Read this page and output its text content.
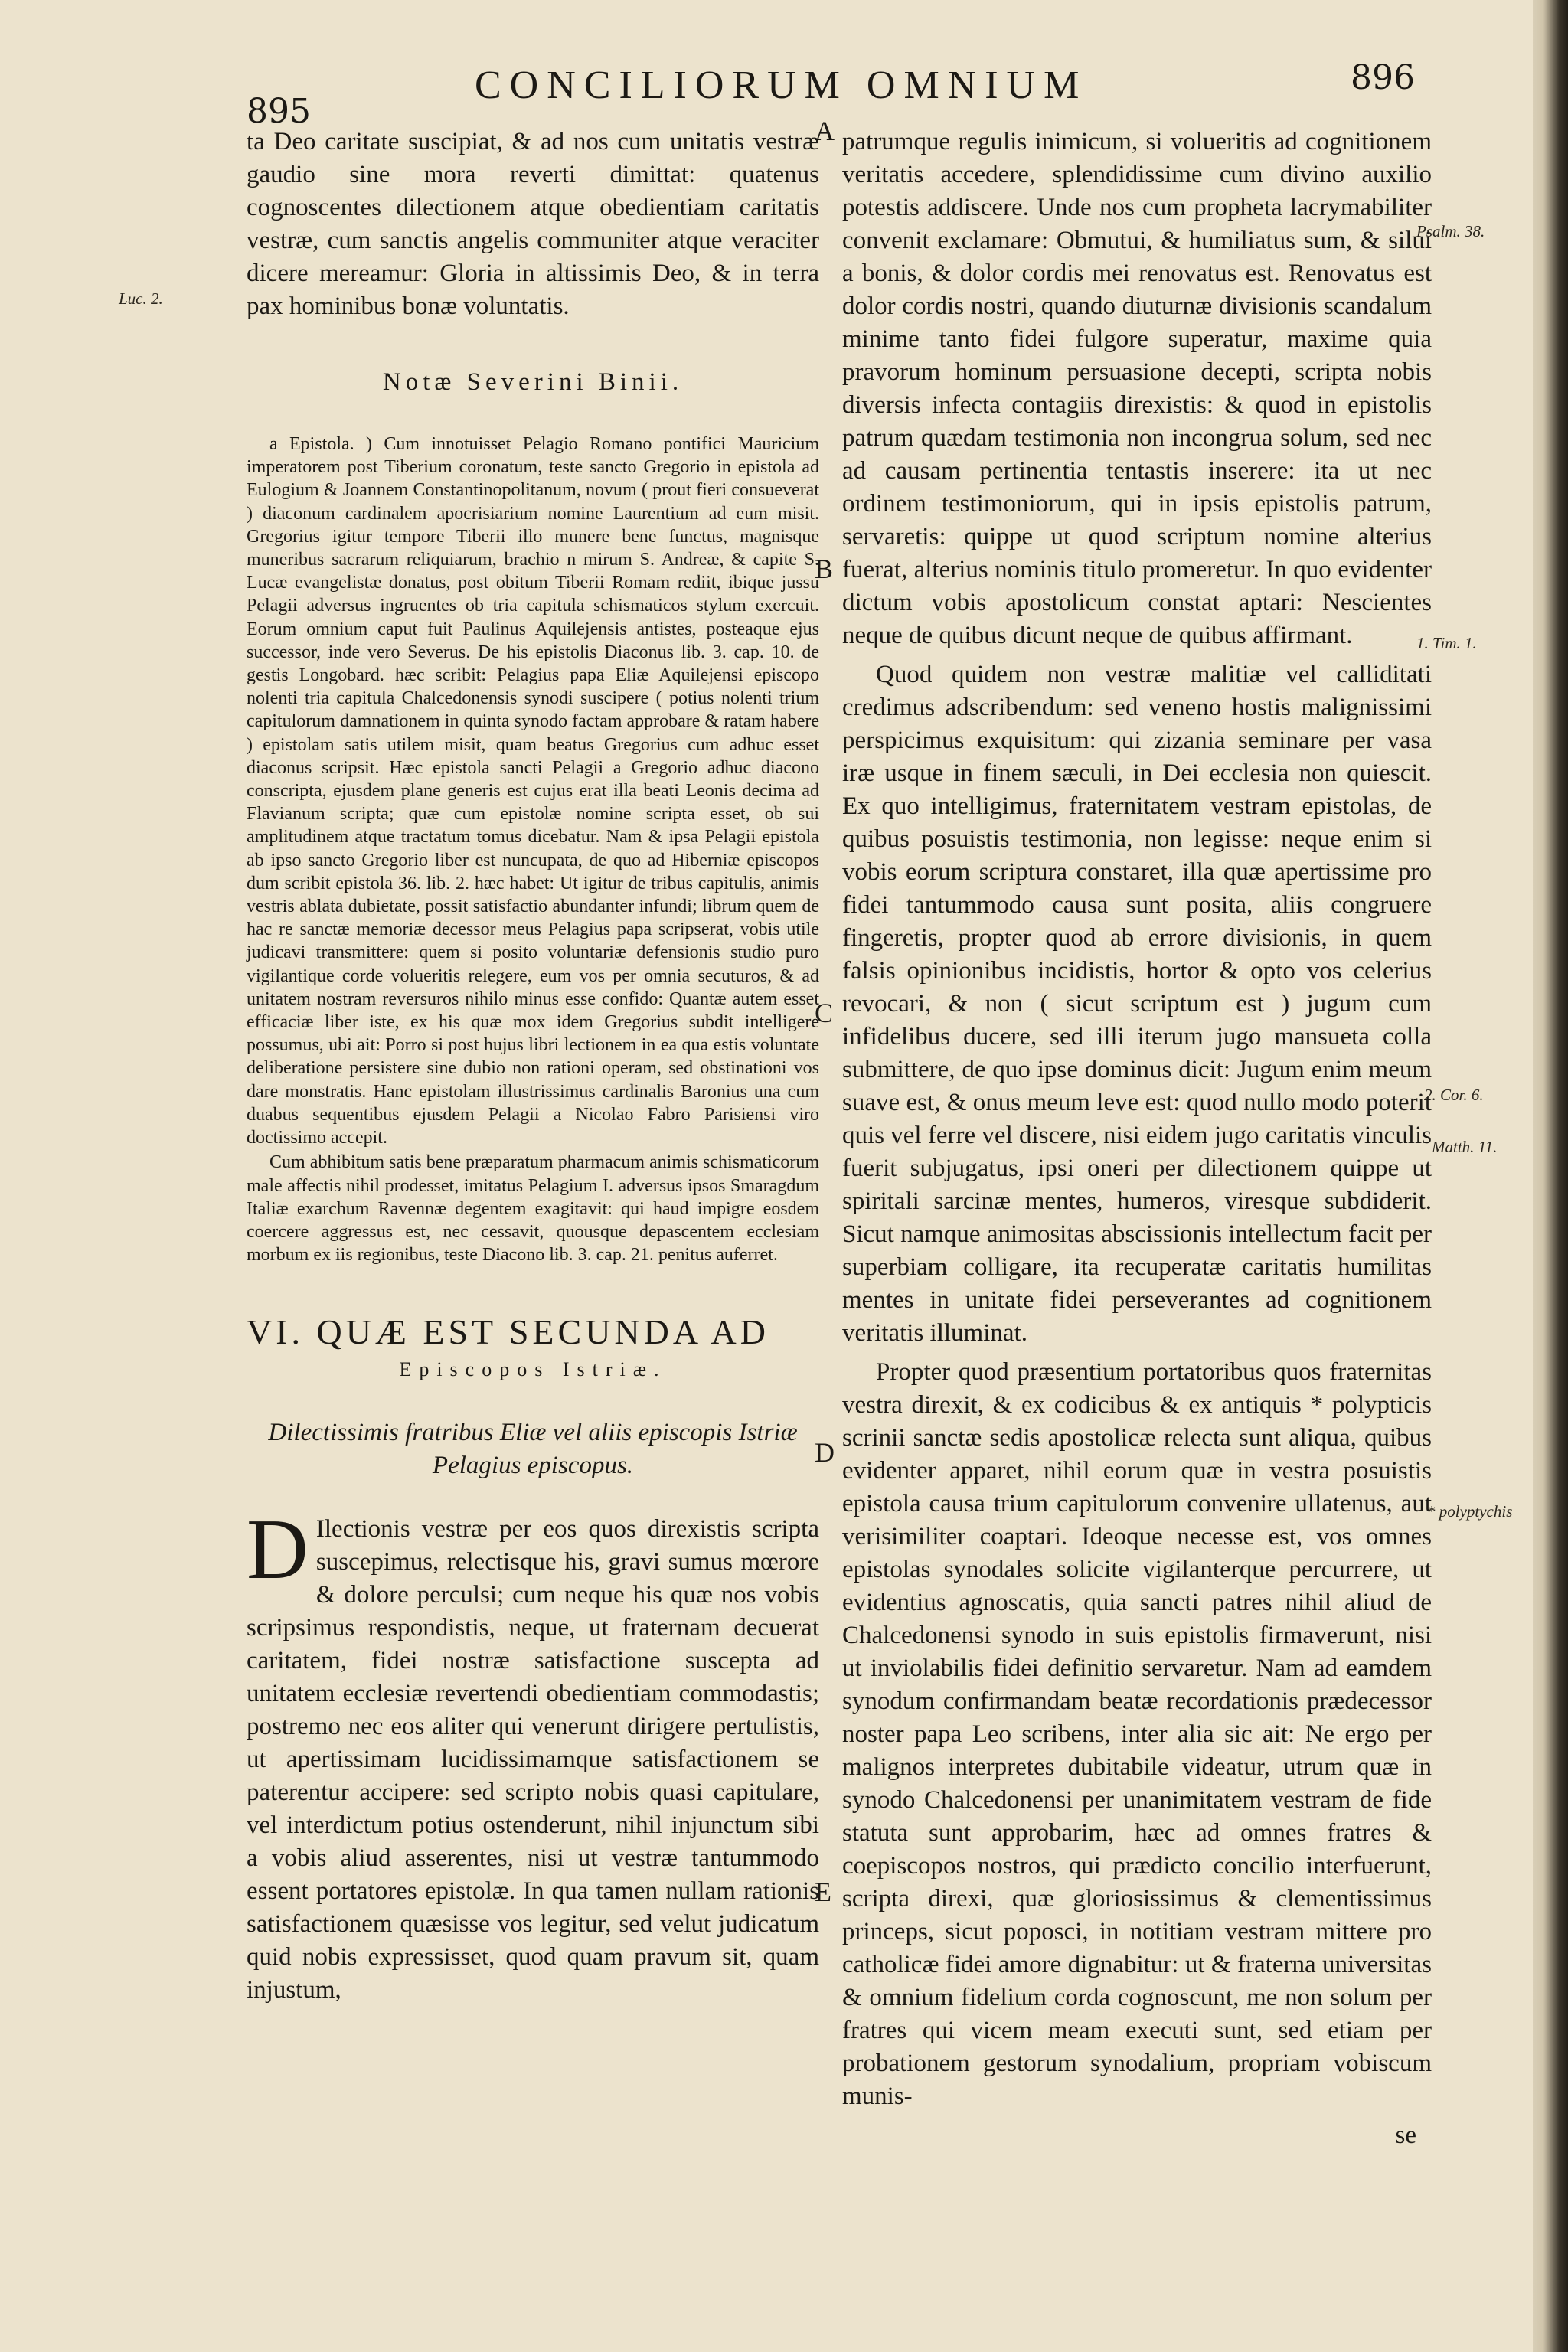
895
CONCILIORUM OMNIUM	896
Luc. 2.
Psalm. 38.
1. Tim. 1.
2. Cor. 6.
Matth. 11.
* polyptychis
A
B
C
D
E

ta Deo caritate suscipiat, & ad nos cum unitatis vestræ gaudio sine mora reverti dimittat: quatenus cognoscentes dilectionem atque obedientiam caritatis vestræ, cum sanctis angelis communiter atque veraciter dicere mereamur: Gloria in altissimis Deo, & in terra pax hominibus bonæ voluntatis.

Notæ Severini Binii.

a Epistola. ) Cum innotuisset Pelagio Romano pontifici Mauricium imperatorem post Tiberium coronatum, teste sancto Gregorio in epistola ad Eulogium & Joannem Constantinopolitanum, novum ( prout fieri consueverat ) diaconum cardinalem apocrisiarium nomine Laurentium ad eum misit. Gregorius igitur tempore Tiberii illo munere bene functus, magnisque muneribus sacrarum reliquiarum, brachio n mirum S. Andreæ, & capite S. Lucæ evangelistæ donatus, post obitum Tiberii Romam rediit, ibique jussu Pelagii adversus ingruentes ob tria capitula schismaticos stylum exercuit. Eorum omnium caput fuit Paulinus Aquilejensis antistes, posteaque ejus successor, inde vero Severus. De his epistolis Diaconus lib. 3. cap. 10. de gestis Longobard. hæc scribit: Pelagius papa Eliæ Aquilejensi episcopo nolenti tria capitula Chalcedonensis synodi suscipere ( potius nolenti trium capitulorum damnationem in quinta synodo factam approbare & ratam habere ) epistolam satis utilem misit, quam beatus Gregorius cum adhuc esset diaconus scripsit. Hæc epistola sancti Pelagii a Gregorio adhuc diacono conscripta, ejusdem plane generis est cujus erat illa beati Leonis decima ad Flavianum scripta; quæ cum epistolæ nomine scripta esset, ob sui amplitudinem atque tractatum tomus dicebatur. Nam & ipsa Pelagii epistola ab ipso sancto Gregorio liber est nuncupata, de quo ad Hiberniæ episcopos dum scribit epistola 36. lib. 2. hæc habet: Ut igitur de tribus capitulis, animis vestris ablata dubietate, possit satisfactio abundanter infundi; librum quem de hac re sanctæ memoriæ decessor meus Pelagius papa scripserat, vobis utile judicavi transmittere: quem si posito voluntariæ defensionis studio puro vigilantique corde volueritis relegere, eum vos per omnia secuturos, & ad unitatem nostram reversuros nihilo minus esse confido: Quantæ autem esset efficaciæ liber iste, ex his quæ mox idem Gregorius subdit intelligere possumus, ubi ait: Porro si post hujus libri lectionem in ea qua estis voluntate deliberatione persistere sine dubio non rationi operam, sed obstinationi vos dare monstratis. Hanc epistolam illustrissimus cardinalis Baronius una cum duabus sequentibus ejusdem Pelagii a Nicolao Fabro Parisiensi viro doctissimo accepit.

Cum abhibitum satis bene præparatum pharmacum animis schismaticorum male affectis nihil prodesset, imitatus Pelagium I. adversus ipsos Smaragdum Italiæ exarchum Ravennæ degentem exagitavit: qui haud impigre eosdem coercere aggressus est, nec cessavit, quousque depascentem ecclesiam morbum ex iis regionibus, teste Diacono lib. 3. cap. 21. penitus auferret.

VI. QUÆ EST SECUNDA AD
Episcopos Istriæ.
Dilectissimis fratribus Eliæ vel aliis episcopis Istriæ Pelagius episcopus.

D Ilectionis vestræ per eos quos direxistis scripta suscepimus, relectisque his, gravi sumus mœrore & dolore perculsi; cum neque his quæ nos vobis scripsimus respondistis, neque, ut fraternam decuerat caritatem, fidei nostræ satisfactione suscepta ad unitatem ecclesiæ revertendi obedientiam commodastis; postremo nec eos aliter qui venerunt dirigere pertulistis, ut apertissimam lucidissimamque satisfactionem se paterentur accipere: sed scripto nobis quasi capitulare, vel interdictum potius ostenderunt, nihil injunctum sibi a vobis aliud asserentes, nisi ut vestræ tantummodo essent portatores epistolæ. In qua tamen nullam rationis satisfactionem quæsisse vos legitur, sed velut judicatum quid nobis expressisset, quod quam pravum sit, quam injustum,

patrumque regulis inimicum, si volueritis ad cognitionem veritatis accedere, splendidissime cum divino auxilio potestis addiscere. Unde nos cum propheta lacrymabiliter convenit exclamare: Obmutui, & humiliatus sum, & silui a bonis, & dolor cordis mei renovatus est. Renovatus est dolor cordis nostri, quando diuturnæ divisionis scandalum minime tanto fidei fulgore superatur, maxime quia pravorum hominum persuasione decepti, scripta nobis diversis infecta contagiis direxistis: & quod in epistolis patrum quædam testimonia non incongrua solum, sed nec ad causam pertinentia tentastis inserere: ita ut nec ordinem testimoniorum, qui in ipsis epistolis patrum, servaretis: quippe ut quod scriptum nomine alterius fuerat, alterius nominis titulo promeretur. In quo evidenter dictum vobis apostolicum constat aptari: Nescientes neque de quibus dicunt neque de quibus affirmant.

Quod quidem non vestræ malitiæ vel calliditati credimus adscribendum: sed veneno hostis malignissimi perspicimus exquisitum: qui zizania seminare per vasa iræ usque in finem sæculi, in Dei ecclesia non quiescit. Ex quo intelligimus, fraternitatem vestram epistolas, de quibus posuistis testimonia, non legisse: neque enim si vobis eorum scriptura constaret, illa quæ apertissime pro fidei tantummodo causa sunt posita, aliis congruere fingeretis, propter quod ab errore divisionis, in quem falsis opinionibus incidistis, hortor & opto vos celerius revocari, & non ( sicut scriptum est ) jugum cum infidelibus ducere, sed illi iterum jugo mansueta colla submittere, de quo ipse dominus dicit: Jugum enim meum suave est, & onus meum leve est: quod nullo modo poterit quis vel ferre vel discere, nisi eidem jugo caritatis vinculis fuerit subjugatus, ipsi oneri per dilectionem quippe ut spiritali sarcinæ mentes, humeros, viresque subdiderit. Sicut namque animositas abscissionis intellectum facit per superbiam colligare, ita recuperatæ caritatis humilitas mentes in unitate fidei perseverantes ad cognitionem veritatis illuminat.

Propter quod præsentium portatoribus quos fraternitas vestra direxit, & ex codicibus & ex antiquis * polypticis scrinii sanctæ sedis apostolicæ relecta sunt aliqua, quibus evidenter apparet, nihil eorum quæ in vestra posuistis epistola causa trium capitulorum convenire ullatenus, aut verisimiliter coaptari. Ideoque necesse est, vos omnes epistolas synodales solicite vigilanterque percurrere, ut evidentius agnoscatis, quia sancti patres nihil aliud de Chalcedonensi synodo in suis epistolis firmaverunt, nisi ut inviolabilis fidei definitio servaretur. Nam ad eamdem synodum confirmandam beatæ recordationis prædecessor noster papa Leo scribens, inter alia sic ait: Ne ergo per malignos interpretes dubitabile videatur, utrum quæ in synodo Chalcedonensi per unanimitatem vestram de fide statuta sunt approbarim, hæc ad omnes fratres & coepiscopos nostros, qui prædicto concilio interfuerunt, scripta direxi, quæ gloriosissimus & clementissimus princeps, sicut poposci, in notitiam vestram mittere pro catholicæ fidei amore dignabitur: ut & fraterna universitas & omnium fidelium corda cognoscunt, me non solum per fratres qui vicem meam executi sunt, sed etiam per probationem gestorum synodalium, propriam vobiscum munis-

se
